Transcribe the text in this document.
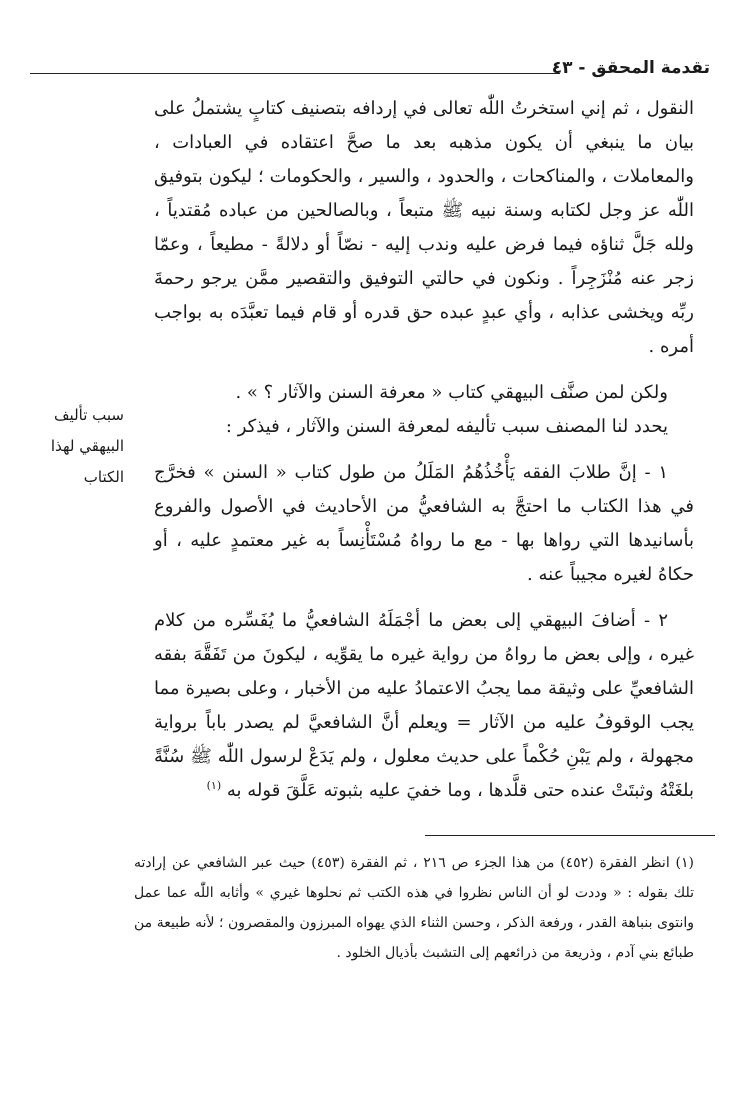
تقدمة المحقق - ٤٣

النقول ، ثم إني استخرتُ اللّٰه تعالى في إردافه بتصنيف كتابٍ يشتملُ على بيان ما ينبغي أن يكون مذهبه بعد ما صحَّ اعتقاده في العبادات ، والمعاملات ، والمناكحات ، والحدود ، والسير ، والحكومات ؛ ليكون بتوفيق اللّٰه عز وجل لكتابه وسنة نبيه ﷺ متبعاً ، وبالصالحين من عباده مُقتدياً ، ولله جَلَّ ثناؤه فيما فرض عليه وندب إليه - نصّاً أو دلالةً - مطيعاً ، وعمّا زجر عنه مُنْزَجِراً . ونكون في حالتي التوفيق والتقصير ممَّن يرجو رحمةَ ربِّه ويخشى عذابه ، وأي عبدٍ عبده حق قدره أو قام فيما تعبَّدَه به بواجب أمره .

ولكن لمن صنَّف البيهقي كتاب « معرفة السنن والآثار ؟ » .

يحدد لنا المصنف سبب تأليفه لمعرفة السنن والآثار ، فيذكر :

١ - إنَّ طلابَ الفقه يَأْخُذُهُمُ المَلَلُ من طول كتاب « السنن » فخرَّج في هذا الكتاب ما احتجَّ به الشافعيُّ من الأحاديث في الأصول والفروع بأسانيدها التي رواها بها - مع ما رواهُ مُسْتَأْنِساً به غير معتمدٍ عليه ، أو حكاهُ لغيره مجيباً عنه .

٢ - أضافَ البيهقي إلى بعض ما أجْمَلَهُ الشافعيُّ ما يُفَسِّره من كلام غيره ، وإلى بعض ما رواهُ من رواية غيره ما يقوِّيه ، ليكونَ من تَفَقَّهَ بفقه الشافعيِّ على وثيقة مما يجبُ الاعتمادُ عليه من الأخبار ، وعلى بصيرة مما يجب الوقوفُ عليه من الآثار = ويعلم أنَّ الشافعيَّ لم يصدر باباً برواية مجهولة ، ولم يَبْنِ حُكْماً على حديث معلول ، ولم يَدَعْ لرسول اللّٰه ﷺ سُنَّةً بلغَتْهُ وثبتَتْ عنده حتى قلَّدها ، وما خفيَ عليه بثبوته عَلَّقَ قوله به $^{(١)}$

سبب تأليف
البيهقي لهذا
الكتاب

(١) انظر الفقرة (٤٥٢) من هذا الجزء ص ٢١٦ ، ثم الفقرة (٤٥٣) حيث عبر الشافعي عن إرادته تلك بقوله : « وددت لو أن الناس نظروا في هذه الكتب ثم نحلوها غيري » وأثابه اللّٰه عما عمل وانتوى بنباهة القدر ، ورفعة الذكر ، وحسن الثناء الذي يهواه المبرزون والمقصرون ؛ لأنه طبيعة من طبائع بني آدم ، وذريعة من ذرائعهم إلى التشبث بأذيال الخلود .
